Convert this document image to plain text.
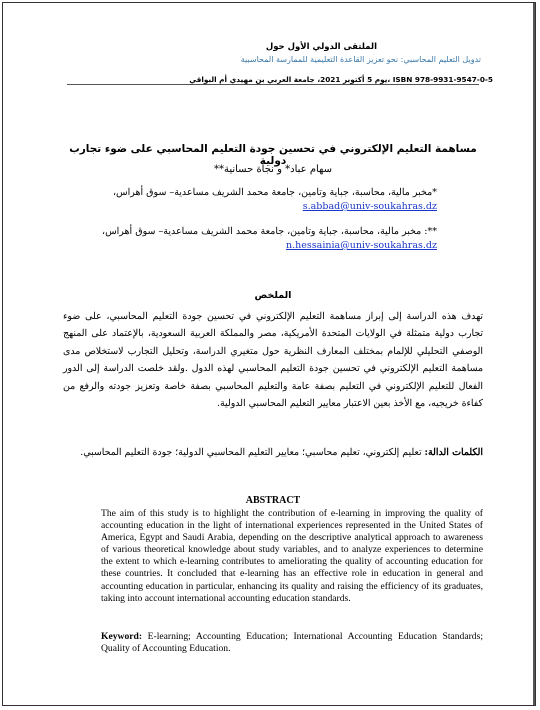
الملتقى الدولي الأول حول
تدويل التعليم المحاسبي: نحو تعزيز القاعدة التعليمية للممارسة المحاسبية
يوم 5 أكتوبر 2021، جامعة العربي بن مهيدي أم البواقي، ISBN 978-9931-9547-0-5
مساهمة التعليم الإلكتروني في تحسين جودة التعليم المحاسبي على ضوء تجارب دولية
سهام عباد* و نجاة حسانية**
*مخبر مالية، محاسبة، جباية وتامين، جامعة محمد الشريف مساعدية– سوق أهراس، s.abbad@univ-soukahras.dz
**: مخبر مالية، محاسبة، جباية وتامين، جامعة محمد الشريف مساعدية– سوق أهراس، n.hessainia@univ-soukahras.dz
الملخص
تهدف هذه الدراسة إلى إبراز مساهمة التعليم الإلكتروني في تحسين جودة التعليم المحاسبي، على ضوء تجارب دولية متمثلة في الولايات المتحدة الأمريكية، مصر والمملكة العربية السعودية، بالإعتماد على المنهج الوصفي التحليلي للإلمام بمختلف المعارف النظرية حول متغيري الدراسة، وتحليل التجارب لاستخلاص مدى مساهمة التعليم الإلكتروني في تحسين جودة التعليم المحاسبي لهذه الدول .ولقد خلصت الدراسة إلى الدور الفعال للتعليم الإلكتروني في التعليم بصفة عامة والتعليم المحاسبي بصفة خاصة وتعزيز جودته والرفع من كفاءة خريجيه، مع الأخذ بعين الاعتبار معايير التعليم المحاسبي الدولية.
الكلمات الدالة: تعليم إلكتروني، تعليم محاسبي؛ معايير التعليم المحاسبي الدولية؛ جودة التعليم المحاسبي.
ABSTRACT
The aim of this study is to highlight the contribution of e-learning in improving the quality of accounting education in the light of international experiences represented in the United States of America, Egypt and Saudi Arabia, depending on the descriptive analytical approach to awareness of various theoretical knowledge about study variables, and to analyze experiences to determine the extent to which e-learning contributes to ameliorating the quality of accounting education for these countries. It concluded that e-learning has an effective role in education in general and accounting education in particular, enhancing its quality and raising the efficiency of its graduates, taking into account international accounting education standards.
Keyword: E-learning; Accounting Education; International Accounting Education Standards; Quality of Accounting Education.
